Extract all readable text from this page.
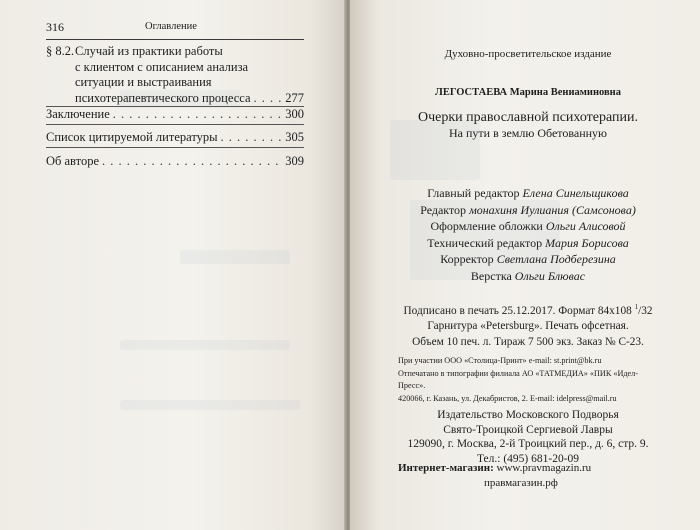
316	Оглавление
§ 8.2. Случай из практики работы
с клиентом с описанием анализа
ситуации и выстраивания
психотерапевтического процесса . . .	277
Заключение . . .	300
Список цитируемой литературы . . .	305
Об авторе . . .	309
Духовно-просветительское издание
ЛЕГОСТАЕВА Марина Вениаминовна
Очерки православной психотерапии.
На пути в землю Обетованную
Главный редактор Елена Синельщикова
Редактор монахиня Иулиания (Самсонова)
Оформление обложки Ольги Алисовой
Технический редактор Мария Борисова
Корректор Светлана Подберезина
Верстка Ольги Блювас
Подписано в печать 25.12.2017. Формат 84х108 $^1$/32
Гарнитура «Petersburg». Печать офсетная.
Объем 10 печ. л. Тираж 7 500 экз. Заказ № С-23.
При участии ООО «Столица-Принт» e-mail: st.print@bk.ru
Отпечатано в типографии филиала АО «ТАТМЕДИА» «ПИК «Идел-Пресс».
420066, г. Казань, ул. Декабристов, 2. E-mail: idelpress@mail.ru
Издательство Московского Подворья
Свято-Троицкой Сергиевой Лавры
129090, г. Москва, 2-й Троицкий пер., д. 6, стр. 9.
Тел.: (495) 681-20-09
Интернет-магазин: www.pravmagazin.ru
правмагазин.рф
